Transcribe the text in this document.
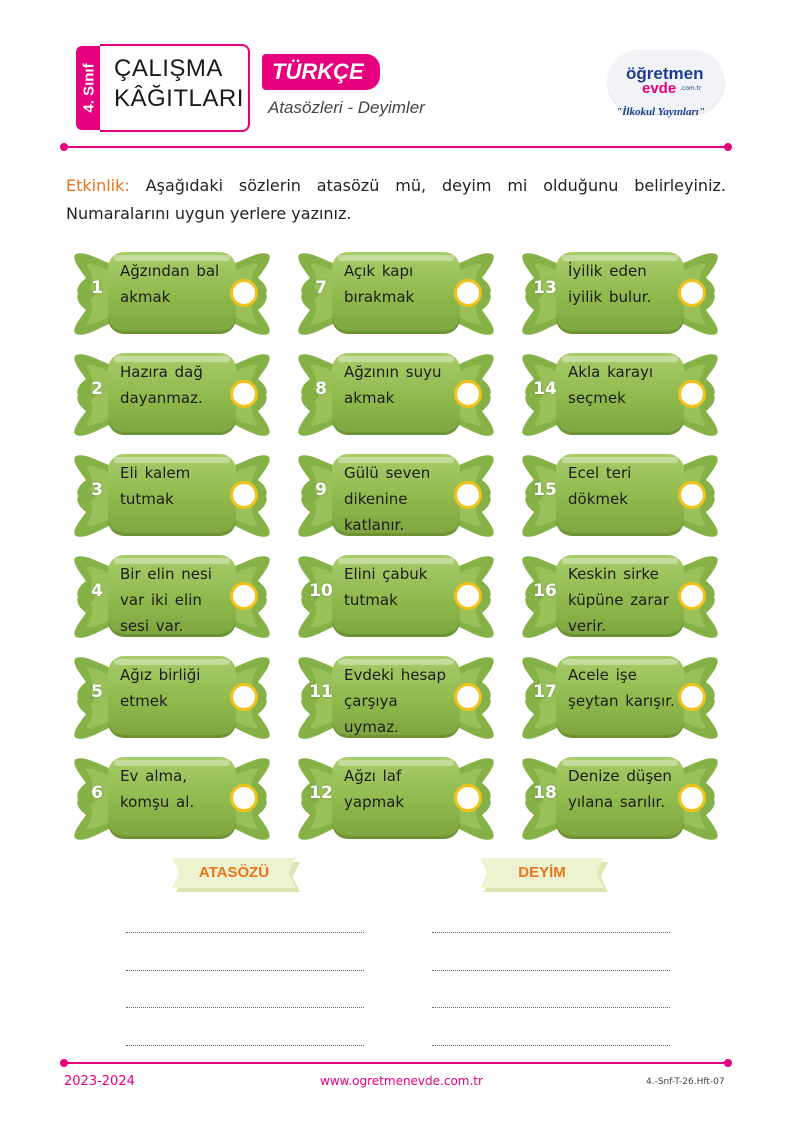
4. Sınıf ÇALIŞMA
KÂĞITLARI
TÜRKÇE
Atasözleri - Deyimler
öğretmen
evde .com.tr
"İlkokul Yayınları"
Etkinlik: Aşağıdaki sözlerin atasözü mü, deyim mi olduğunu belirleyiniz. Numaralarını uygun yerlere yazınız.
1
Ağzından bal akmak
2
Hazıra dağ dayanmaz.
3
Eli kalem tutmak
4
Bir elin nesi var iki elin sesi var.
5
Ağız birliği etmek
6
Ev alma, komşu al.
7
Açık kapı bırakmak
8
Ağzının suyu akmak
9
Gülü seven dikenine katlanır.
10
Elini çabuk tutmak
11
Evdeki hesap çarşıya uymaz.
12
Ağzı laf yapmak
13
İyilik eden iyilik bulur.
14
Akla karayı seçmek
15
Ecel teri dökmek
16
Keskin sirke küpüne zarar verir.
17
Acele işe şeytan karışır.
18
Denize düşen yılana sarılır.
ATASÖZÜ	DEYİM
2023-2024	www.ogretmenevde.com.tr	4.-Snf-T-26.Hft-07
